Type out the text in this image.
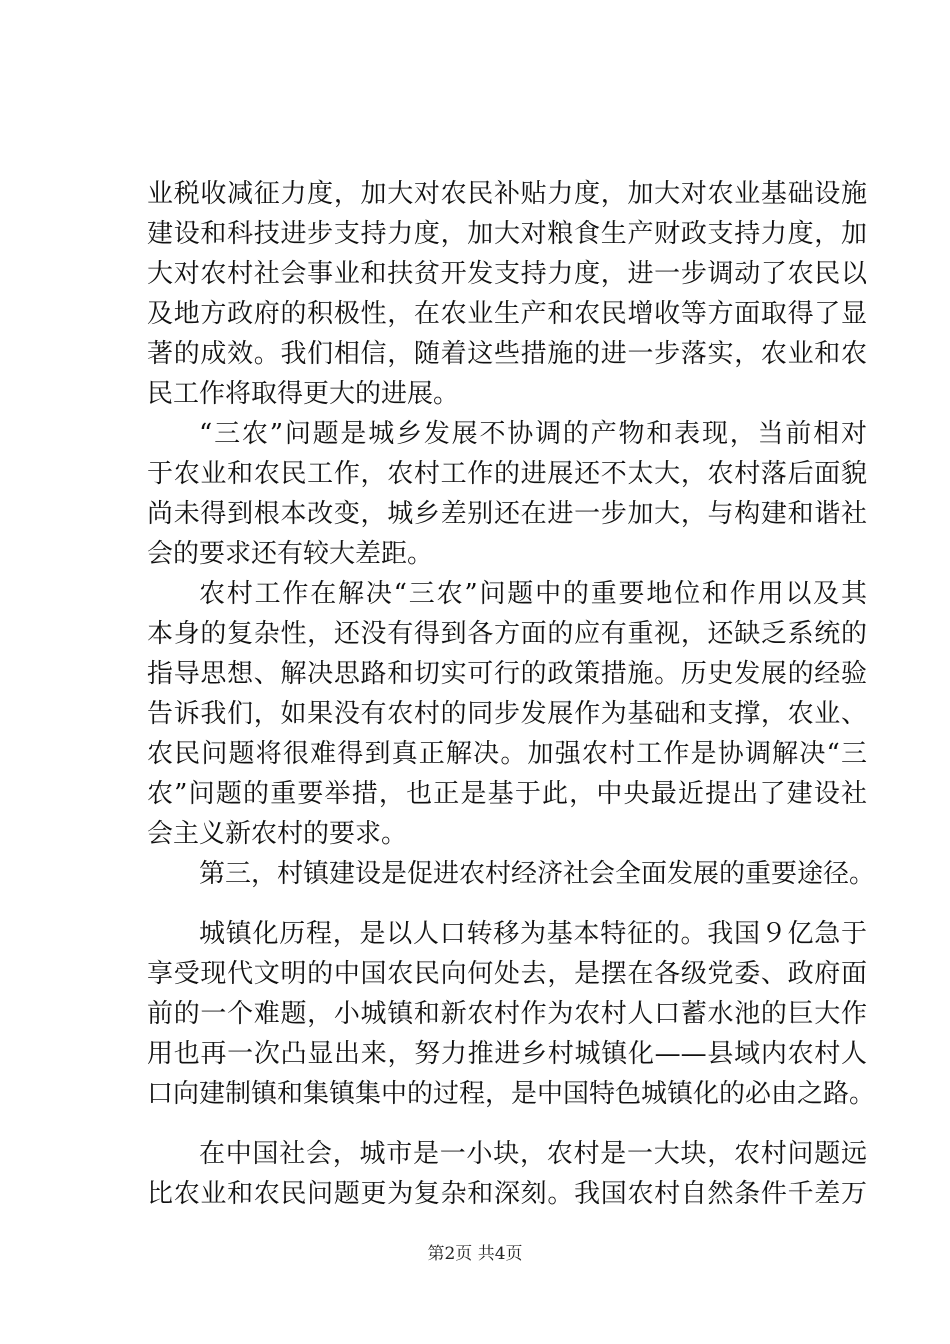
业税收减征力度，加大对农民补贴力度，加大对农业基础设施
建设和科技进步支持力度，加大对粮食生产财政支持力度，加
大对农村社会事业和扶贫开发支持力度，进一步调动了农民以
及地方政府的积极性，在农业生产和农民增收等方面取得了显
著的成效。我们相信，随着这些措施的进一步落实，农业和农
民工作将取得更大的进展。
“三农”问题是城乡发展不协调的产物和表现，当前相对
于农业和农民工作，农村工作的进展还不太大，农村落后面貌
尚未得到根本改变，城乡差别还在进一步加大，与构建和谐社
会的要求还有较大差距。
农村工作在解决“三农”问题中的重要地位和作用以及其
本身的复杂性，还没有得到各方面的应有重视，还缺乏系统的
指导思想、解决思路和切实可行的政策措施。历史发展的经验
告诉我们，如果没有农村的同步发展作为基础和支撑，农业、
农民问题将很难得到真正解决。加强农村工作是协调解决“三
农”问题的重要举措，也正是基于此，中央最近提出了建设社
会主义新农村的要求。
第三，村镇建设是促进农村经济社会全面发展的重要途径。
城镇化历程，是以人口转移为基本特征的。我国９亿急于
享受现代文明的中国农民向何处去，是摆在各级党委、政府面
前的一个难题，小城镇和新农村作为农村人口蓄水池的巨大作
用也再一次凸显出来，努力推进乡村城镇化——县域内农村人
口向建制镇和集镇集中的过程，是中国特色城镇化的必由之路。
在中国社会，城市是一小块，农村是一大块，农村问题远
比农业和农民问题更为复杂和深刻。我国农村自然条件千差万
第2页 共4页
